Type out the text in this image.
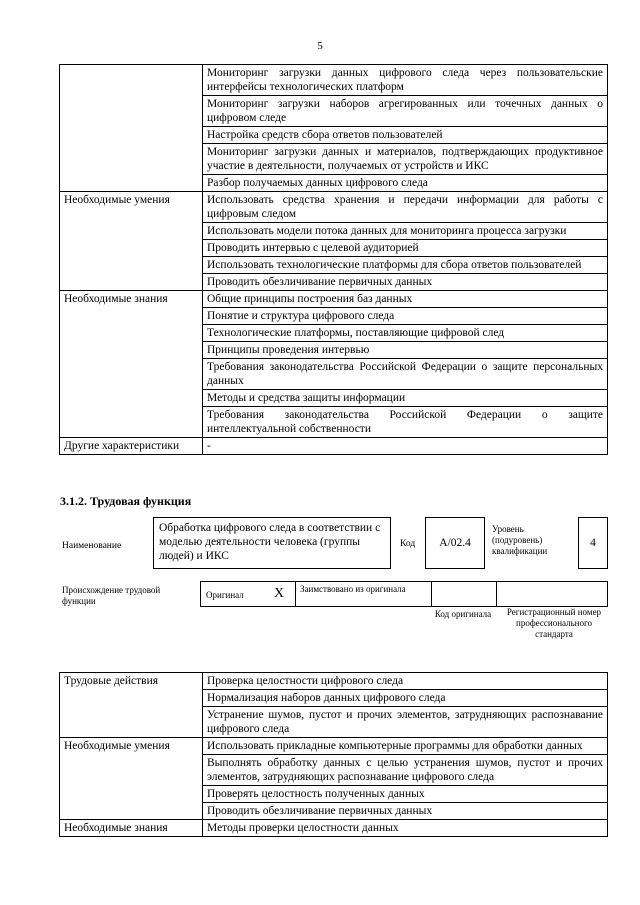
5
	Мониторинг загрузки данных цифрового следа через пользовательские интерфейсы технологических платформ
	Мониторинг загрузки наборов агрегированных или точечных данных о цифровом следе
	Настройка средств сбора ответов пользователей
	Мониторинг загрузки данных и материалов, подтверждающих продуктивное участие в деятельности, получаемых от устройств и ИКС
	Разбор получаемых данных цифрового следа
Необходимые умения	Использовать средства хранения и передачи информации для работы с цифровым следом
	Использовать модели потока данных для мониторинга процесса загрузки
	Проводить интервью с целевой аудиторией
	Использовать технологические платформы для сбора ответов пользователей
	Проводить обезличивание первичных данных
Необходимые знания	Общие принципы построения баз данных
	Понятие и структура цифрового следа
	Технологические платформы, поставляющие цифровой след
	Принципы проведения интервью
	Требования законодательства Российской Федерации о защите персональных данных
	Методы и средства защиты информации
	Требования законодательства Российской Федерации о защите интеллектуальной собственности
Другие характеристики	-
3.1.2. Трудовая функция
Наименование
Обработка цифрового следа в соответствии с моделью деятельности человека (группы людей) и ИКС
Код A/02.4
Уровень (подуровень) квалификации
4
Происхождение трудовой функции
Оригинал X Заимствовано из оригинала
Код оригинала	Регистрационный номер профессионального стандарта
Трудовые действия	Проверка целостности цифрового следа
	Нормализация наборов данных цифрового следа
	Устранение шумов, пустот и прочих элементов, затрудняющих распознавание цифрового следа
Необходимые умения	Использовать прикладные компьютерные программы для обработки данных
	Выполнять обработку данных с целью устранения шумов, пустот и прочих элементов, затрудняющих распознавание цифрового следа
	Проверять целостность полученных данных
	Проводить обезличивание первичных данных
Необходимые знания	Методы проверки целостности данных
